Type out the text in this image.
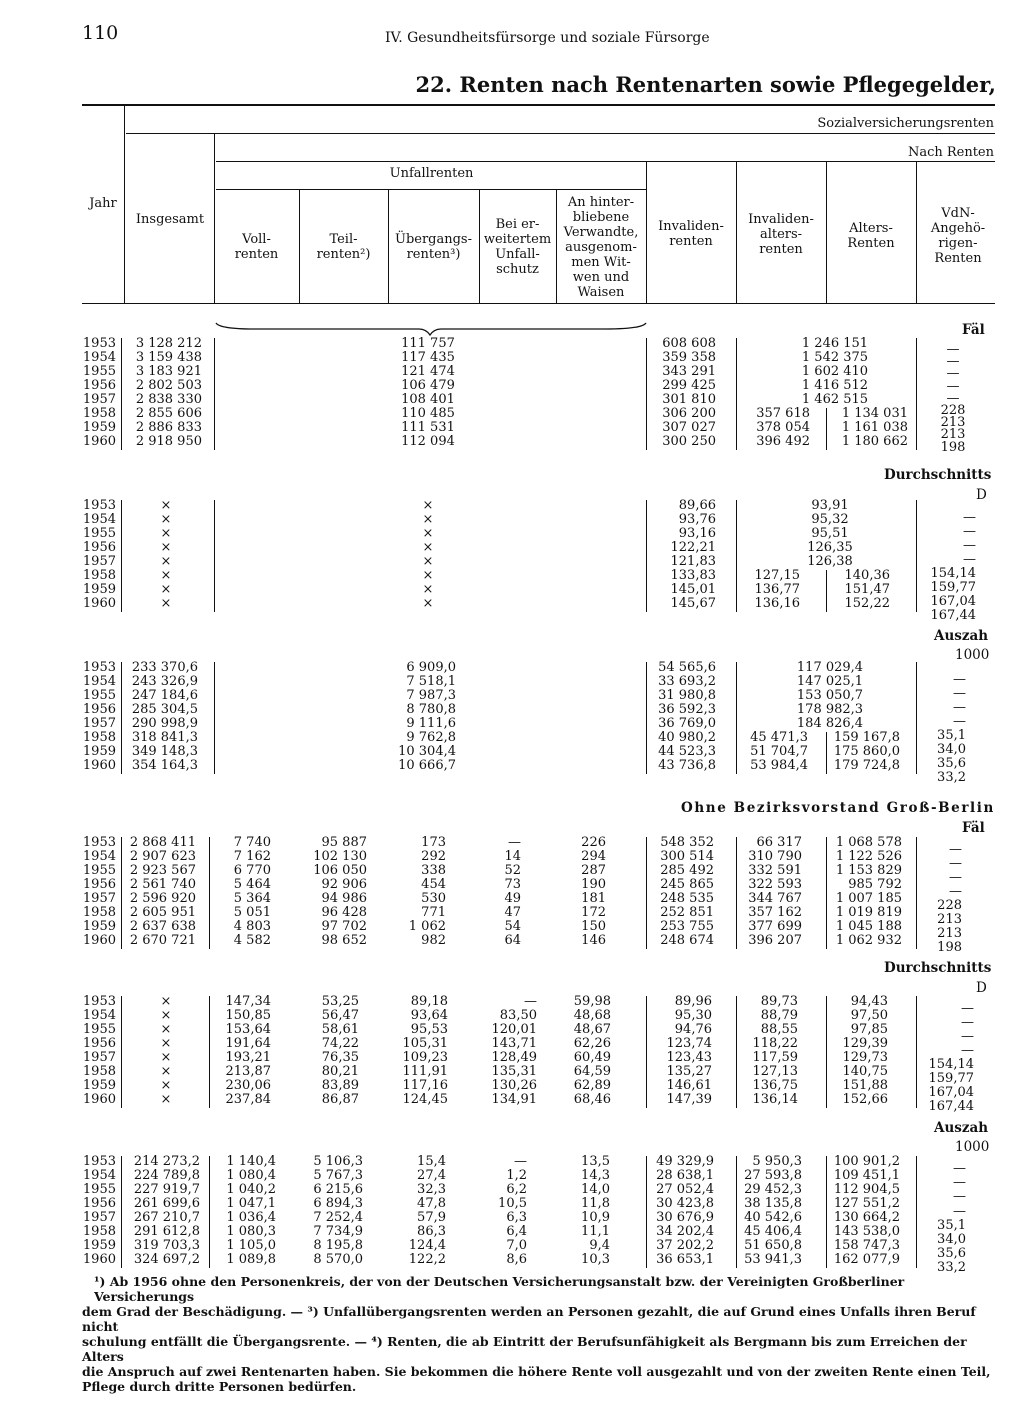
110	IV. Gesundheitsfürsorge und soziale Fürsorge
22. Renten nach Rentenarten sowie Pflegegelder,
Jahr
Insgesamt
Sozialversicherungsrenten
Nach Renten
Unfallrenten
Voll-
renten
Teil-
renten²)
Übergangs-
renten³)
Bei er-
weitertem
Unfall-
schutz
An hinter-
bliebene
Verwandte,
ausgenom-
men Wit-
wen und
Waisen
Invaliden-
renten
Invaliden-
alters-
renten
Alters-
Renten
VdN-
Angehö-
rigen-
Renten
Fäl
1953
1954
1955
1956
1957
1958
1959
1960
3 128 212
3 159 438
3 183 921
2 802 503
2 838 330
2 855 606
2 886 833
2 918 950
111 757
117 435
121 474
106 479
108 401
110 485
111 531
112 094
608 608
359 358
343 291
299 425
301 810
306 200
307 027
300 250
1 246 151
1 542 375
1 602 410
1 416 512
1 462 515
357 618
378 054
396 492
1 134 031
1 161 038
1 180 662
—
—
—
—
—
228
213
213
198
Durchschnitts
D
1953
1954
1955
1956
1957
1958
1959
1960
×
×
×
×
×
×
×
×
×
×
×
×
×
×
×
×
89,66
93,76
93,16
122,21
121,83
133,83
145,01
145,67
93,91
95,32
95,51
126,35
126,38
127,15
136,77
136,16
140,36
151,47
152,22
—
—
—
—
154,14
159,77
167,04
167,44
Auszah
1000
1953
1954
1955
1956
1957
1958
1959
1960
233 370,6
243 326,9
247 184,6
285 304,5
290 998,9
318 841,3
349 148,3
354 164,3
6 909,0
7 518,1
7 987,3
8 780,8
9 111,6
9 762,8
10 304,4
10 666,7
54 565,6
33 693,2
31 980,8
36 592,3
36 769,0
40 980,2
44 523,3
43 736,8
117 029,4
147 025,1
153 050,7
178 982,3
184 826,4
45 471,3
51 704,7
53 984,4
159 167,8
175 860,0
179 724,8
—
—
—
—
35,1
34,0
35,6
33,2
Ohne Bezirksvorstand Groß-Berlin
Fäl
1953
1954
1955
1956
1957
1958
1959
1960
2 868 411
2 907 623
2 923 567
2 561 740
2 596 920
2 605 951
2 637 638
2 670 721
7 740
7 162
6 770
5 464
5 364
5 051
4 803
4 582
95 887
102 130
106 050
92 906
94 986
96 428
97 702
98 652
173
292
338
454
530
771
1 062
982
—
14
52
73
49
47
54
64
226
294
287
190
181
172
150
146
548 352
300 514
285 492
245 865
248 535
252 851
253 755
248 674
66 317
310 790
332 591
322 593
344 767
357 162
377 699
396 207
1 068 578
1 122 526
1 153 829
985 792
1 007 185
1 019 819
1 045 188
1 062 932
—
—
—
—
228
213
213
198
Durchschnitts
D
1953
1954
1955
1956
1957
1958
1959
1960
×
×
×
×
×
×
×
×
147,34
150,85
153,64
191,64
193,21
213,87
230,06
237,84
53,25
56,47
58,61
74,22
76,35
80,21
83,89
86,87
89,18
93,64
95,53
105,31
109,23
111,91
117,16
124,45
—
83,50
120,01
143,71
128,49
135,31
130,26
134,91
59,98
48,68
48,67
62,26
60,49
64,59
62,89
68,46
89,96
95,30
94,76
123,74
123,43
135,27
146,61
147,39
89,73
88,79
88,55
118,22
117,59
127,13
136,75
136,14
94,43
97,50
97,85
129,39
129,73
140,75
151,88
152,66
—
—
—
—
154,14
159,77
167,04
167,44
Auszah
1000
1953
1954
1955
1956
1957
1958
1959
1960
214 273,2
224 789,8
227 919,7
261 699,6
267 210,7
291 612,8
319 703,3
324 697,2
1 140,4
1 080,4
1 040,2
1 047,1
1 036,4
1 080,3
1 105,0
1 089,8
5 106,3
5 767,3
6 215,6
6 894,3
7 252,4
7 734,9
8 195,8
8 570,0
15,4
27,4
32,3
47,8
57,9
86,3
124,4
122,2
—
1,2
6,2
10,5
6,3
6,4
7,0
8,6
13,5
14,3
14,0
11,8
10,9
11,1
9,4
10,3
49 329,9
28 638,1
27 052,4
30 423,8
30 676,9
34 202,4
37 202,2
36 653,1
5 950,3
27 593,8
29 452,3
38 135,8
40 542,6
45 406,4
51 650,8
53 941,3
100 901,2
109 451,1
112 904,5
127 551,2
130 664,2
143 538,0
158 747,3
162 077,9
—
—
—
—
35,1
34,0
35,6
33,2

¹) Ab 1956 ohne den Personenkreis, der von der Deutschen Versicherungsanstalt bzw. der Vereinigten Großberliner Versicherungs

dem Grad der Beschädigung. — ³) Unfallübergangsrenten werden an Personen gezahlt, die auf Grund eines Unfalls ihren Beruf nicht

schulung entfällt die Übergangsrente. — ⁴) Renten, die ab Eintritt der Berufsunfähigkeit als Bergmann bis zum Erreichen der Alters

die Anspruch auf zwei Rentenarten haben. Sie bekommen die höhere Rente voll ausgezahlt und von der zweiten Rente einen Teil,

Pflege durch dritte Personen bedürfen.
